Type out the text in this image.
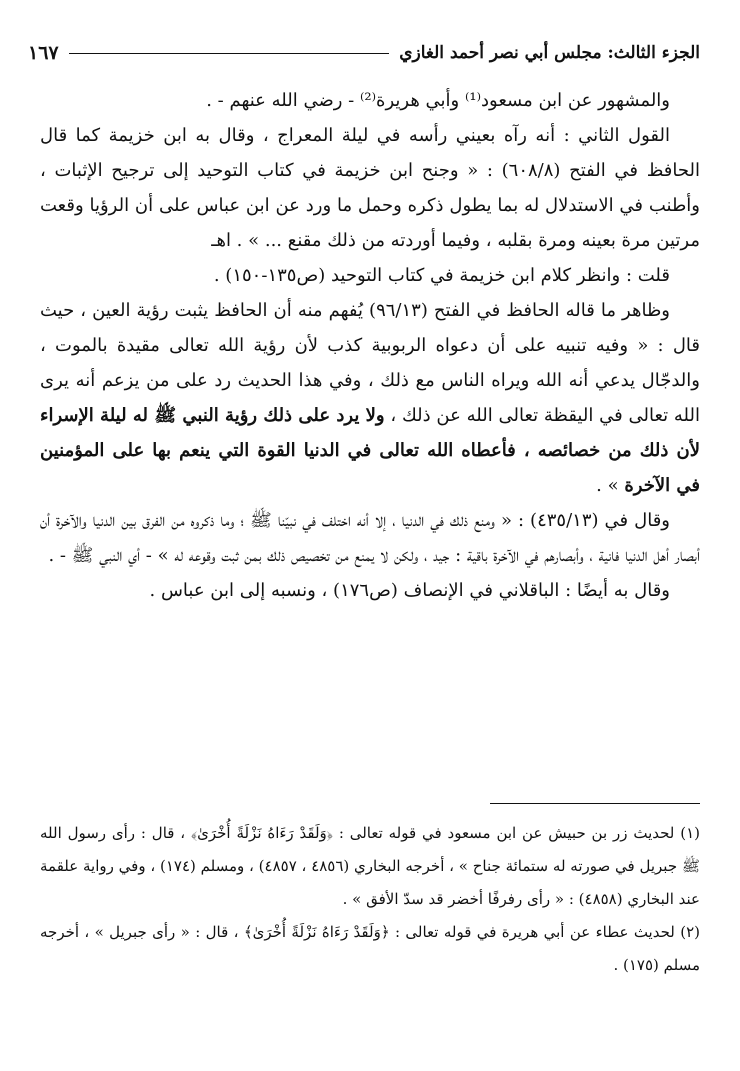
الجزء الثالث: مجلس أبي نصر أحمد الغازي
١٦٧

والمشهور عن ابن مسعود⁽¹⁾ وأبي هريرة⁽²⁾ - رضي الله عنهم - .

القول الثاني : أنه رآه بعيني رأسه في ليلة المعراج ، وقال به ابن خزيمة كما قال الحافظ في الفتح (٦٠٨/٨) : « وجنح ابن خزيمة في كتاب التوحيد إلى ترجيح الإثبات ، وأطنب في الاستدلال له بما يطول ذكره وحمل ما ورد عن ابن عباس على أن الرؤيا وقعت مرتين مرة بعينه ومرة بقلبه ، وفيما أوردته من ذلك مقنع ... » . اهـ

قلت : وانظر كلام ابن خزيمة في كتاب التوحيد (ص١٣٥-١٥٠) .

وظاهر ما قاله الحافظ في الفتح (٩٦/١٣) يُفهم منه أن الحافظ يثبت رؤية العين ، حيث قال : « وفيه تنبيه على أن دعواه الربوبية كذب لأن رؤية الله تعالى مقيدة بالموت ، والدجّال يدعي أنه الله ويراه الناس مع ذلك ، وفي هذا الحديث رد على من يزعم أنه يرى الله تعالى في اليقظة تعالى الله عن ذلك ، ولا يرد على ذلك رؤية النبي ﷺ له ليلة الإسراء لأن ذلك من خصائصه ، فأعطاه الله تعالى في الدنيا القوة التي ينعم بها على المؤمنين في الآخرة » .

وقال في (٤٣٥/١٣) : « ومنع ذلك في الدنيا ، إلا أنه اختلف في نبيّنا ﷺ ؛ وما ذكروه من الفرق بين الدنيا والآخرة أن أبصار أهل الدنيا فانية ، وأبصارهم في الآخرة باقية : جيد ، ولكن لا يمنع من تخصيص ذلك بمن ثبت وقوعه له » - أي النبي ﷺ - .

وقال به أيضًا : الباقلاني في الإنصاف (ص١٧٦) ، ونسبه إلى ابن عباس .

(١) لحديث زر بن حبيش عن ابن مسعود في قوله تعالى : ﴿وَلَقَدْ رَءَاهُ نَزْلَةً أُخْرَىٰ﴾ ، قال : رأى رسول الله ﷺ جبريل في صورته له ستمائة جناح » ، أخرجه البخاري (٤٨٥٦ ، ٤٨٥٧) ، ومسلم (١٧٤) ، وفي رواية علقمة عند البخاري (٤٨٥٨) : « رأى رفرفًا أخضر قد سدّ الأفق » .

(٢) لحديث عطاء عن أبي هريرة في قوله تعالى : ﴿وَلَقَدْ رَءَاهُ نَزْلَةً أُخْرَىٰ﴾ ، قال : « رأى جبريل » ، أخرجه مسلم (١٧٥) .
